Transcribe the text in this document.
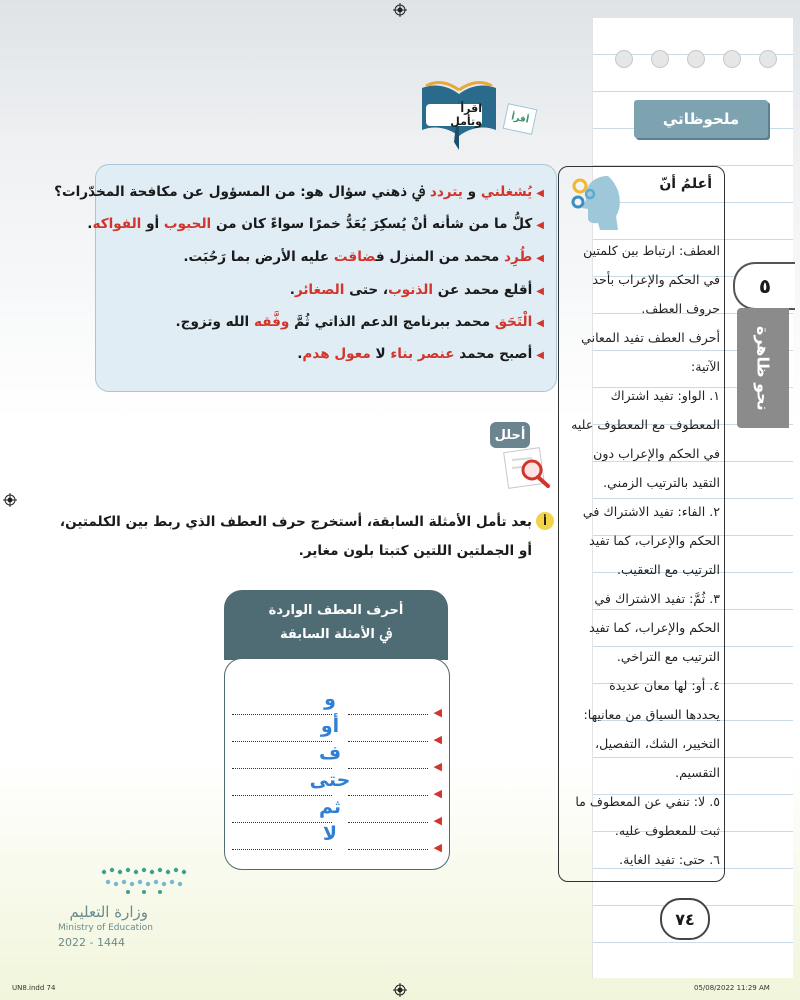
ملحوظاتي
٥
نحو ظاهرة
أعلمُ أنّ
العطف: ارتباط بين كلمتين
في الحكم والإعراب بأحد
حروف العطف.
أحرف العطف تفيد المعاني
الآتية:
١. الواو: تفيد اشتراك
المعطوف مع المعطوف عليه
في الحكم والإعراب دون
التقيد بالترتيب الزمني.
٢. الفاء: تفيد الاشتراك في
الحكم والإعراب، كما تفيد
الترتيب مع التعقيب.
٣. ثُمَّ: تفيد الاشتراك في
الحكم والإعراب، كما تفيد
الترتيب مع التراخي.
٤. أو: لها معان عديدة
يحددها السياق من معانيها:
التخيير، الشك، التفصيل،
التقسيم.
٥. لا: تنفي عن المعطوف ما
ثبت للمعطوف عليه.
٦. حتى: تفيد الغاية.
اقرأ وتأمل	أقرأ
◀يُشغلني و يتردد ﰲ ذهني سؤال هو: من المسؤول عن مكافحة المخدّرات؟
◀كلُّ ما من شأنه أنْ يُسكِرَ يُعَدُّ خمرًا سواءً كان من الحبوب أو الفواكه.
◀طُرِد محمد من المنزل فضاقت عليه الأرض بما رَحُبَت.
◀أقلع محمد عن الذنوب، حتى الصغائر.
◀الْتَحَق محمد ببرنامج الدعم الذاتي ثُمَّ وفَّقه الله وتزوج.
◀أصبح محمد عنصر بناء لا معول هدم.
أحلل
أ
بعد تأمل الأمثلة السابقة، أستخرج حرف العطف الذي ربط بين الكلمتين،
أو الجملتين اللتين كتبتا بلون مغاير.
أحرف العطف الواردة
ﰲ الأمثلة السابقة
◀
و
◀
أو
◀
ف
◀
حتى
◀
ثم
◀
لا
٧٤
وزارة التعليم
Ministry of Education
2022 - 1444
UN8.indd 74	05/08/2022 11:29 AM
